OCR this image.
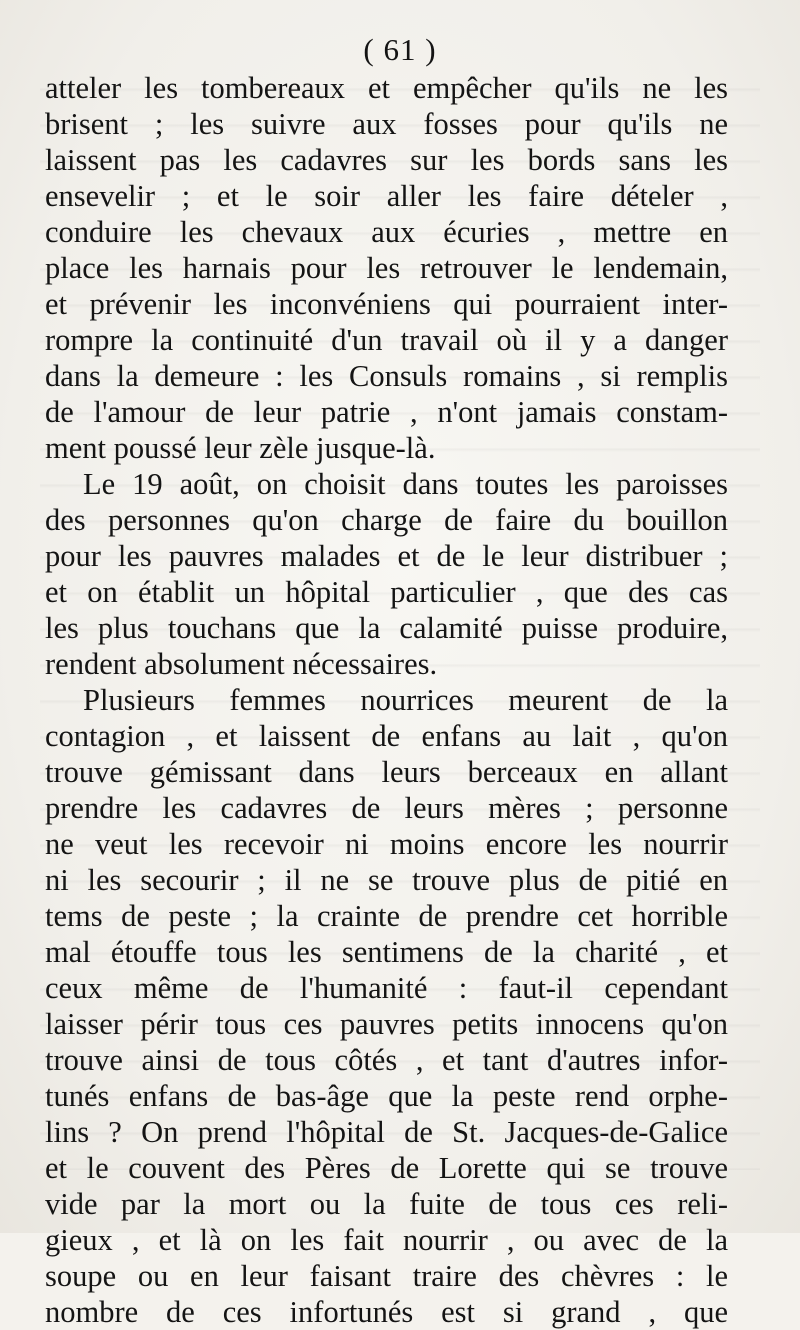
( 61 )
atteler les tombereaux et empêcher qu'ils ne les
brisent ; les suivre aux fosses pour qu'ils ne
laissent pas les cadavres sur les bords sans les
ensevelir ; et le soir aller les faire dételer ,
conduire les chevaux aux écuries , mettre en
place les harnais pour les retrouver le lendemain,
et prévenir les inconvéniens qui pourraient inter-
rompre la continuité d'un travail où il y a danger
dans la demeure : les Consuls romains , si remplis
de l'amour de leur patrie , n'ont jamais constam-
ment poussé leur zèle jusque-là.
Le 19 août, on choisit dans toutes les paroisses
des personnes qu'on charge de faire du bouillon
pour les pauvres malades et de le leur distribuer ;
et on établit un hôpital particulier , que des cas
les plus touchans que la calamité puisse produire,
rendent absolument nécessaires.
Plusieurs femmes nourrices meurent de la
contagion , et laissent de enfans au lait , qu'on
trouve gémissant dans leurs berceaux en allant
prendre les cadavres de leurs mères ; personne
ne veut les recevoir ni moins encore les nourrir
ni les secourir ; il ne se trouve plus de pitié en
tems de peste ; la crainte de prendre cet horrible
mal étouffe tous les sentimens de la charité , et
ceux même de l'humanité : faut-il cependant
laisser périr tous ces pauvres petits innocens qu'on
trouve ainsi de tous côtés , et tant d'autres infor-
tunés enfans de bas-âge que la peste rend orphe-
lins ? On prend l'hôpital de St. Jacques-de-Galice
et le couvent des Pères de Lorette qui se trouve
vide par la mort ou la fuite de tous ces reli-
gieux , et là on les fait nourrir , ou avec de la
soupe ou en leur faisant traire des chèvres : le
nombre de ces infortunés est si grand , que
